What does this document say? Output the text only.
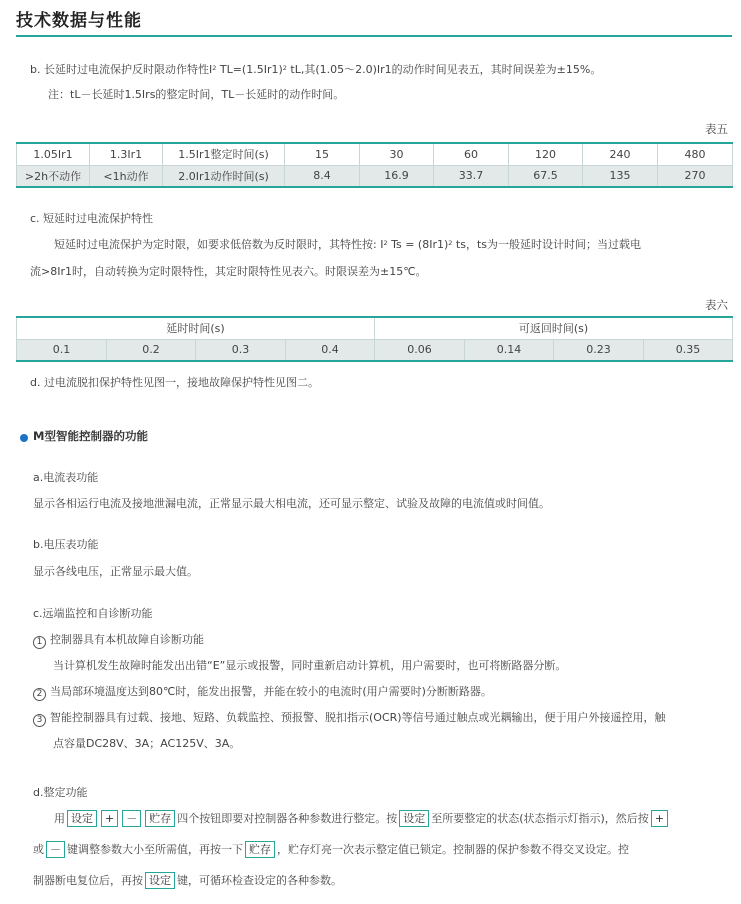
技术数据与性能
b. 长延时过电流保护反时限动作特性$I^2$ $TL=(1.5Ir1)^2$ tL,其(1.05～2.0)Ir1的动作时间见表五，其时间误差为±15%。
注：tL－长延时1.5Irs的整定时间，TL－长延时的动作时间。
表五
1.05Ir1	1.3Ir1	1.5Ir1整定时间(s)	15	30	60	120	240	480
>2h不动作	<1h动作	2.0Ir1动作时间(s)	8.4	16.9	33.7	67.5	135	270
c. 短延时过电流保护特性
短延时过电流保护为定时限，如要求低倍数为反时限时，其特性按: $I^2$ $Ts = (8Ir1)^2$ ts，ts为一般延时设计时间；当过载电
流>8Ir1时，自动转换为定时限特性，其定时限特性见表六。时限误差为±15℃。
表六
延时时间(s)				可返回时间(s)			
0.1	0.2	0.3	0.4	0.06	0.14	0.23	0.35
d. 过电流脱扣保护特性见图一，接地故障保护特性见图二。
M型智能控制器的功能
a.电流表功能
显示各相运行电流及接地泄漏电流，正常显示最大相电流，还可显示整定、试验及故障的电流值或时间值。
b.电压表功能
显示各线电压，正常显示最大值。
c.远端监控和自诊断功能
1 控制器具有本机故障自诊断功能
当计算机发生故障时能发出出错“E”显示或报警，同时重新启动计算机，用户需要时，也可将断路器分断。
2 当局部环境温度达到80℃时，能发出报警，并能在较小的电流时(用户需要时)分断断路器。
3 智能控制器具有过载、接地、短路、负载监控、预报警、脱扣指示(OCR)等信号通过触点或光耦输出，便于用户外接遥控用，触
点容量DC28V、3A；AC125V、3A。
d.整定功能
用 设定 + － 贮存 四个按钮即要对控制器各种参数进行整定。按 设定 至所要整定的状态(状态指示灯指示)，然后按 +
或 － 键调整参数大小至所需值，再按一下 贮存 ，贮存灯亮一次表示整定值已锁定。控制器的保护参数不得交叉设定。控
制器断电复位后，再按 设定 键，可循环检查设定的各种参数。
